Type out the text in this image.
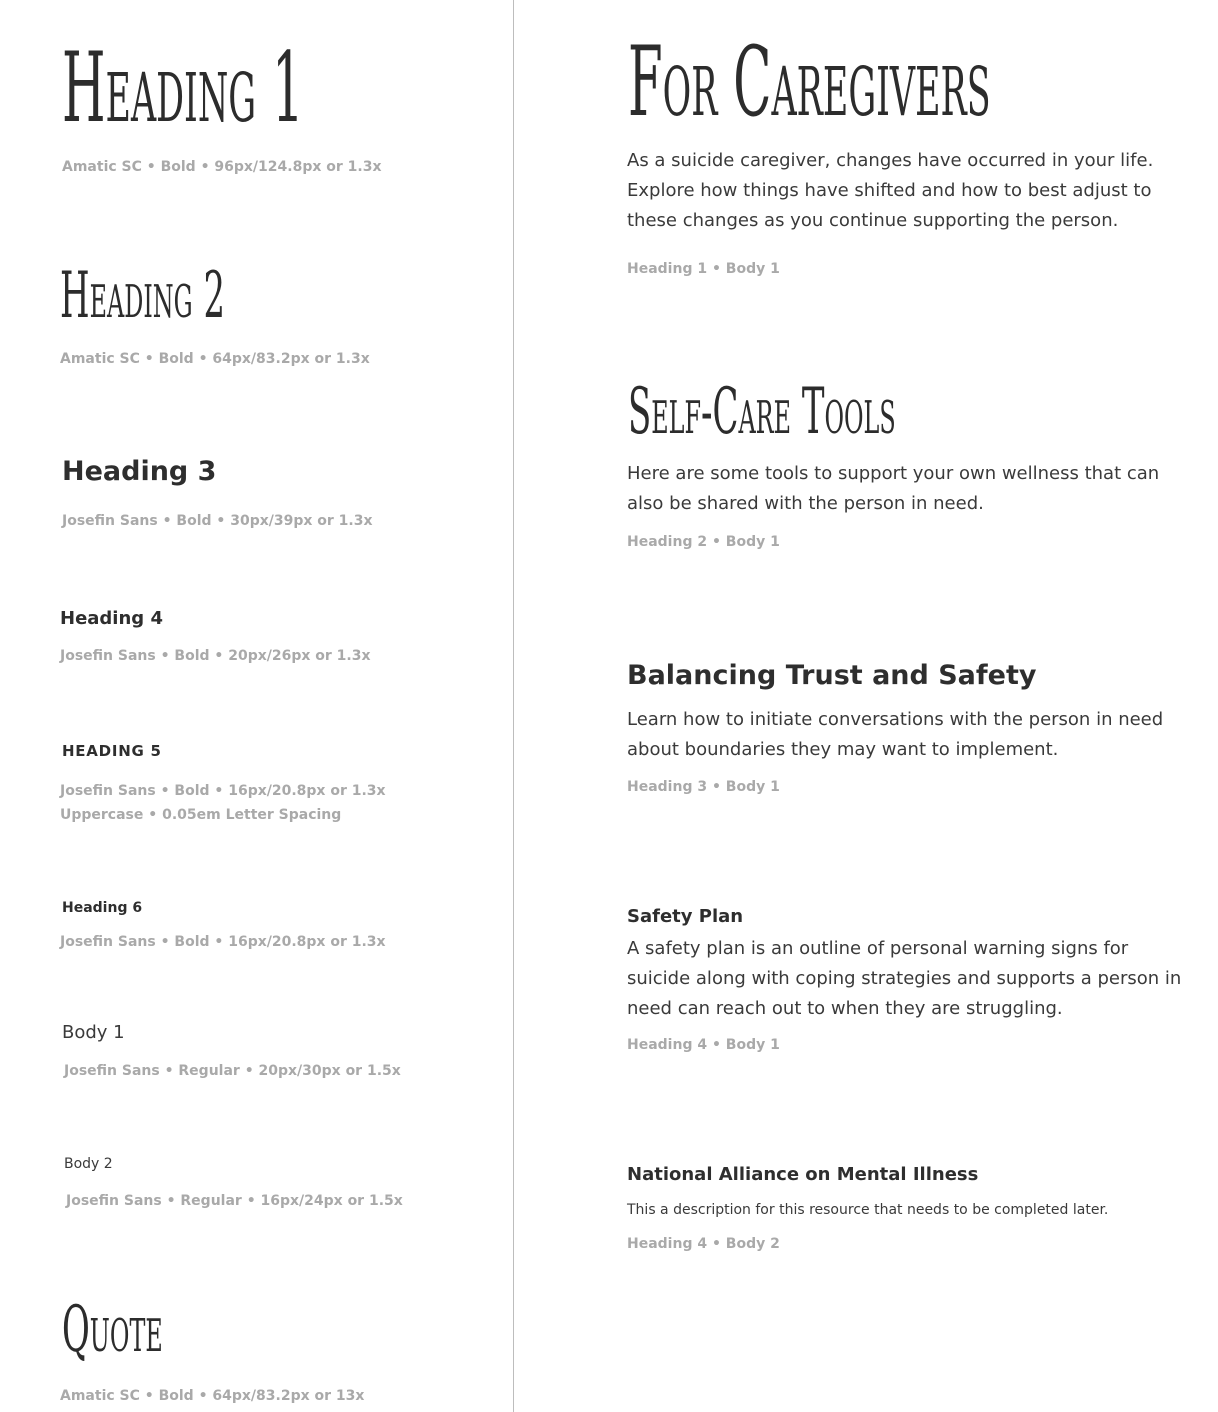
Heading 1
Amatic SC • Bold • 96px/124.8px or 1.3x
Heading 2
Amatic SC • Bold • 64px/83.2px or 1.3x
Heading 3
Josefin Sans • Bold • 30px/39px or 1.3x
Heading 4
Josefin Sans • Bold • 20px/26px or 1.3x
HEADING 5
Josefin Sans • Bold • 16px/20.8px or 1.3x
Uppercase • 0.05em Letter Spacing
Heading 6
Josefin Sans • Bold • 16px/20.8px or 1.3x
Body 1
Josefin Sans • Regular • 20px/30px or 1.5x
Body 2
Josefin Sans • Regular • 16px/24px or 1.5x
Quote
Amatic SC • Bold • 64px/83.2px or 13x
For Caregivers

As a suicide caregiver, changes have occurred in your life. Explore how things have shifted and how to best adjust to these changes as you continue supporting the person.

Heading 1 • Body 1
Self-Care Tools

Here are some tools to support your own wellness that can also be shared with the person in need.

Heading 2 • Body 1
Balancing Trust and Safety

Learn how to initiate conversations with the person in need about boundaries they may want to implement.

Heading 3 • Body 1
Safety Plan

A safety plan is an outline of personal warning signs for suicide along with coping strategies and supports a person in need can reach out to when they are struggling.

Heading 4 • Body 1
National Alliance on Mental Illness

This a description for this resource that needs to be completed later.

Heading 4 • Body 2
